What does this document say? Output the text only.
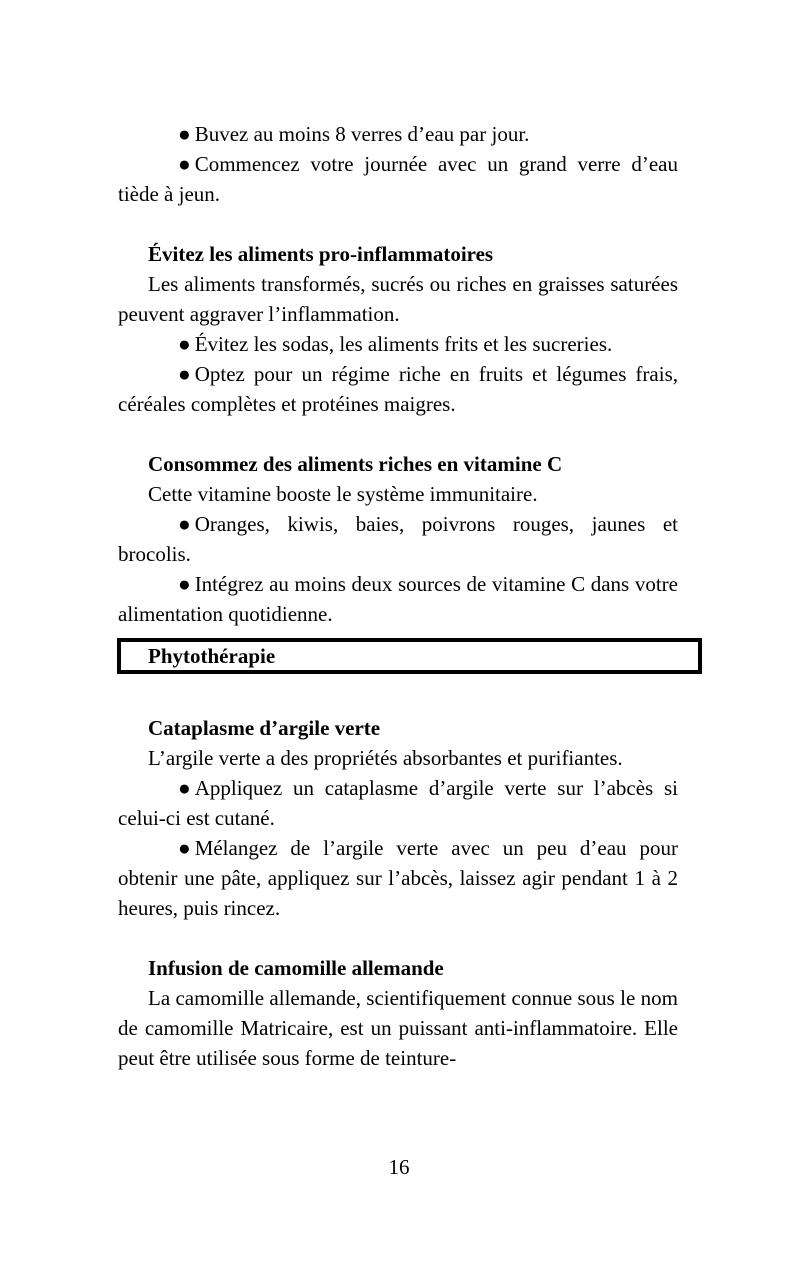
● Buvez au moins 8 verres d’eau par jour.

● Commencez votre journée avec un grand verre d’eau tiède à jeun.

Évitez les aliments pro-inflammatoires

Les aliments transformés, sucrés ou riches en graisses saturées peuvent aggraver l’inflammation.

● Évitez les sodas, les aliments frits et les sucreries.

● Optez pour un régime riche en fruits et légumes frais, céréales complètes et protéines maigres.

Consommez des aliments riches en vitamine C

Cette vitamine booste le système immunitaire.

● Oranges, kiwis, baies, poivrons rouges, jaunes et brocolis.

● Intégrez au moins deux sources de vitamine C dans votre alimentation quotidienne.

Phytothérapie

Cataplasme d’argile verte

L’argile verte a des propriétés absorbantes et purifiantes.

● Appliquez un cataplasme d’argile verte sur l’abcès si celui-ci est cutané.

● Mélangez de l’argile verte avec un peu d’eau pour obtenir une pâte, appliquez sur l’abcès, laissez agir pendant 1 à 2 heures, puis rincez.

Infusion de camomille allemande

La camomille allemande, scientifiquement connue sous le nom de camomille Matricaire, est un puissant anti-inflammatoire. Elle peut être utilisée sous forme de teinture-

16
